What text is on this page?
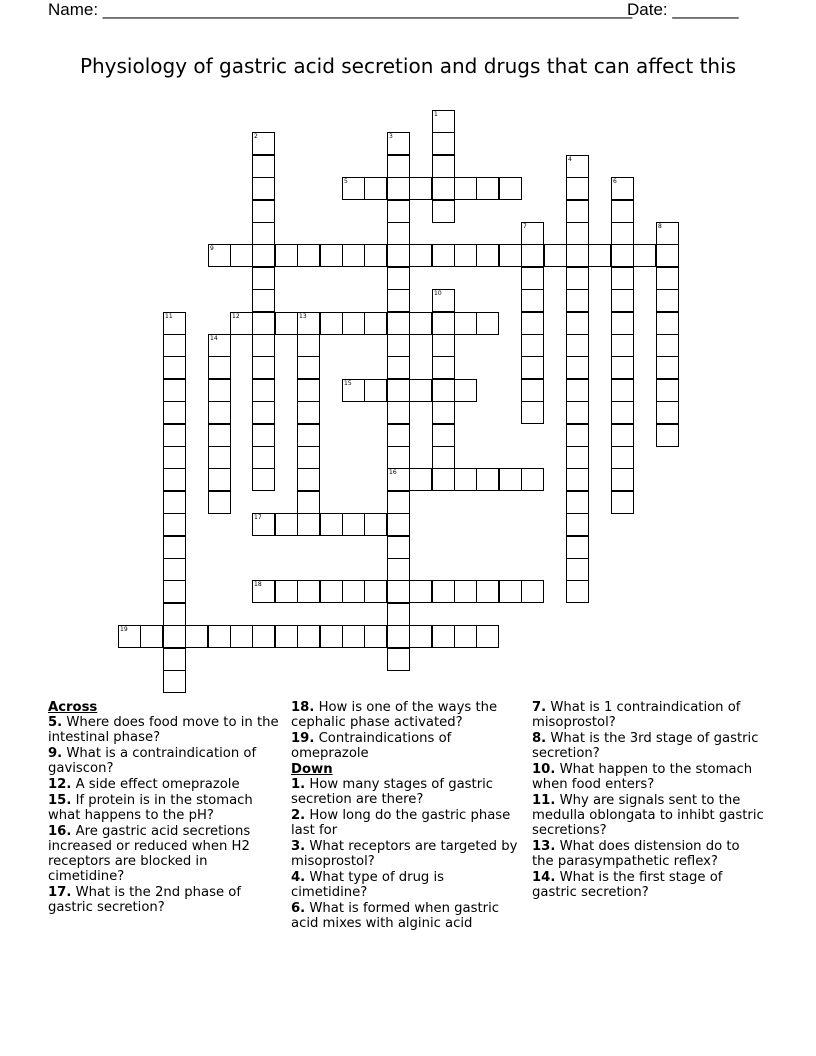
Name: ________________________________________________________
Date: _______
Physiology of gastric acid secretion and drugs that can affect this
1
2	3
16
4
5	6
7	8
9
10
11	12	13
14
15
17
18
19
Across
5. Where does food move to in the intestinal phase?
9. What is a contraindication of gaviscon?
12. A side effect omeprazole
15. If protein is in the stomach what happens to the pH?
16. Are gastric acid secretions increased or reduced when H2 receptors are blocked in cimetidine?
17. What is the 2nd phase of gastric secretion?
18. How is one of the ways the cephalic phase activated?
19. Contraindications of omeprazole
Down
1. How many stages of gastric secretion are there?
2. How long do the gastric phase last for
3. What receptors are targeted by misoprostol?
4. What type of drug is cimetidine?
6. What is formed when gastric acid mixes with alginic acid
7. What is 1 contraindication of misoprostol?
8. What is the 3rd stage of gastric secretion?
10. What happen to the stomach when food enters?
11. Why are signals sent to the medulla oblongata to inhibt gastric secretions?
13. What does distension do to the parasympathetic reflex?
14. What is the first stage of gastric secretion?
